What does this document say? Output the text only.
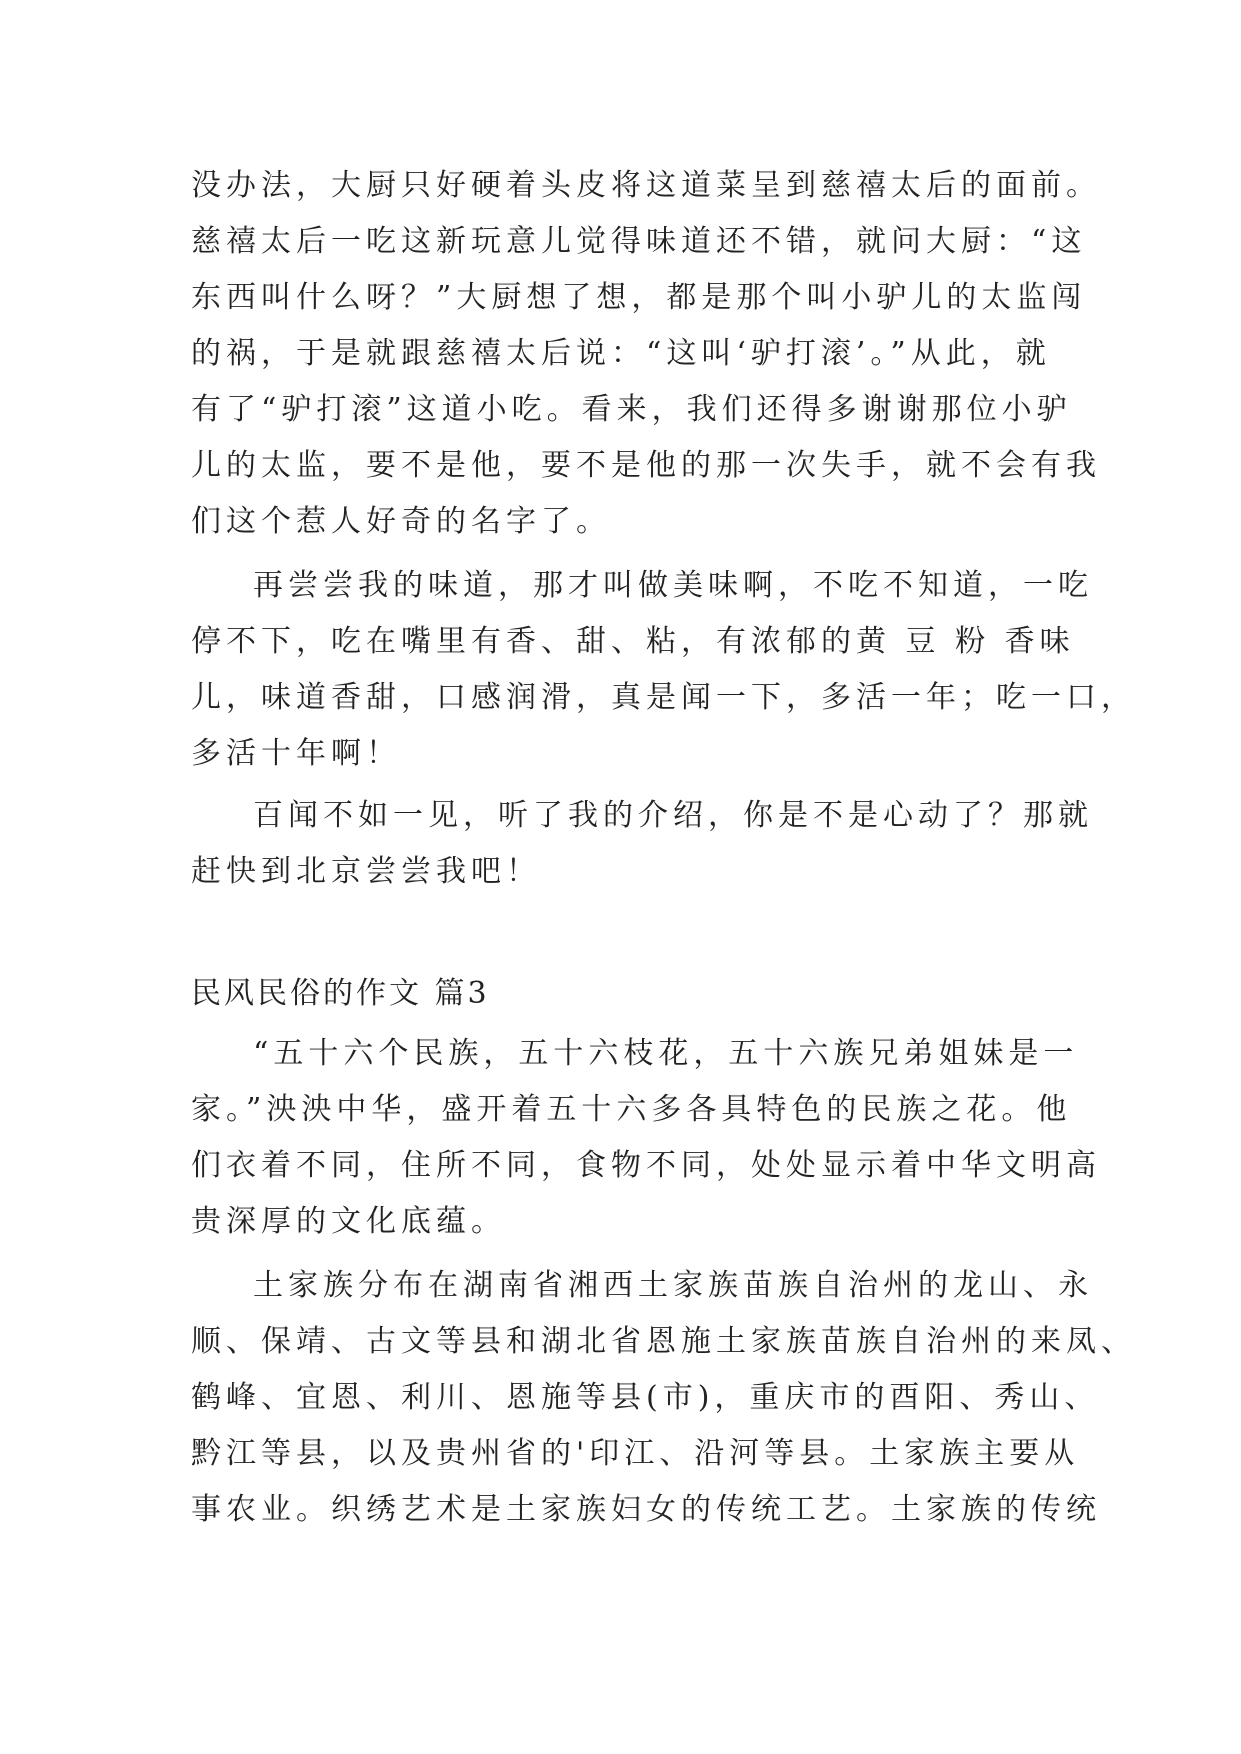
没办法，大厨只好硬着头皮将这道菜呈到慈禧太后的面前。

慈禧太后一吃这新玩意儿觉得味道还不错，就问大厨：“这

东西叫什么呀？”大厨想了想，都是那个叫小驴儿的太监闯

的祸，于是就跟慈禧太后说：“这叫‘驴打滚’。”从此，就

有了“驴打滚”这道小吃。看来，我们还得多谢谢那位小驴

儿的太监，要不是他，要不是他的那一次失手，就不会有我

们这个惹人好奇的名字了。

再尝尝我的味道，那才叫做美味啊，不吃不知道，一吃

停不下，吃在嘴里有香、甜、粘，有浓郁的黄 豆 粉 香味

儿，味道香甜，口感润滑，真是闻一下，多活一年；吃一口，

多活十年啊！

百闻不如一见，听了我的介绍，你是不是心动了？那就

赶快到北京尝尝我吧！

民风民俗的作文 篇3

“五十六个民族，五十六枝花，五十六族兄弟姐妹是一

家。”泱泱中华，盛开着五十六多各具特色的民族之花。他

们衣着不同，住所不同，食物不同，处处显示着中华文明高

贵深厚的文化底蕴。

土家族分布在湖南省湘西土家族苗族自治州的龙山、永

顺、保靖、古文等县和湖北省恩施土家族苗族自治州的来凤、

鹤峰、宜恩、利川、恩施等县(市)，重庆市的酉阳、秀山、

黔江等县，以及贵州省的'印江、沿河等县。土家族主要从

事农业。织绣艺术是土家族妇女的传统工艺。土家族的传统
